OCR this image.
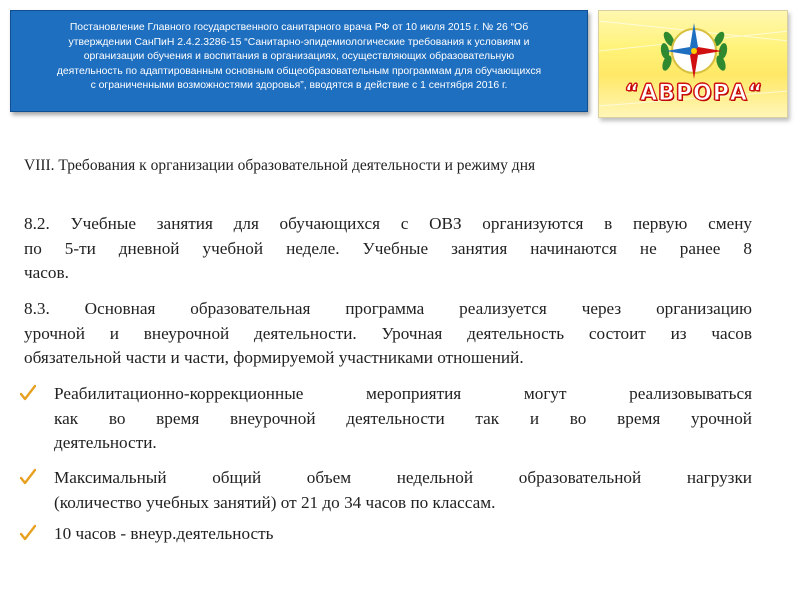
Постановление Главного государственного санитарного врача РФ от 10 июля 2015 г. № 26 “Об
утверждении СанПиН 2.4.2.3286-15 “Санитарно-эпидемиологические требования к условиям и
организации обучения и воспитания в организациях, осуществляющих образовательную
деятельность по адаптированным основным общеобразовательным программам для обучающихся
с ограниченными возможностями здоровья”, вводятся в действие с 1 сентября 2016 г.	“АВРОРА“
VIII. Требования к организации образовательной деятельности и режиму дня
8.2. Учебные занятия для обучающихся с ОВЗ организуются в первую смену
по 5-ти дневной учебной неделе. Учебные занятия начинаются не ранее 8
часов.
8.3. Основная образовательная программа реализуется через организацию
урочной и внеурочной деятельности. Урочная деятельность состоит из часов
обязательной части и части, формируемой участниками отношений.
Реабилитационно-коррекционные мероприятия могут реализовываться
как во время внеурочной деятельности так и во время урочной
деятельности.
Максимальный общий объем недельной образовательной нагрузки
(количество учебных занятий) от 21 до 34 часов по классам.
10 часов - внеур.деятельность
